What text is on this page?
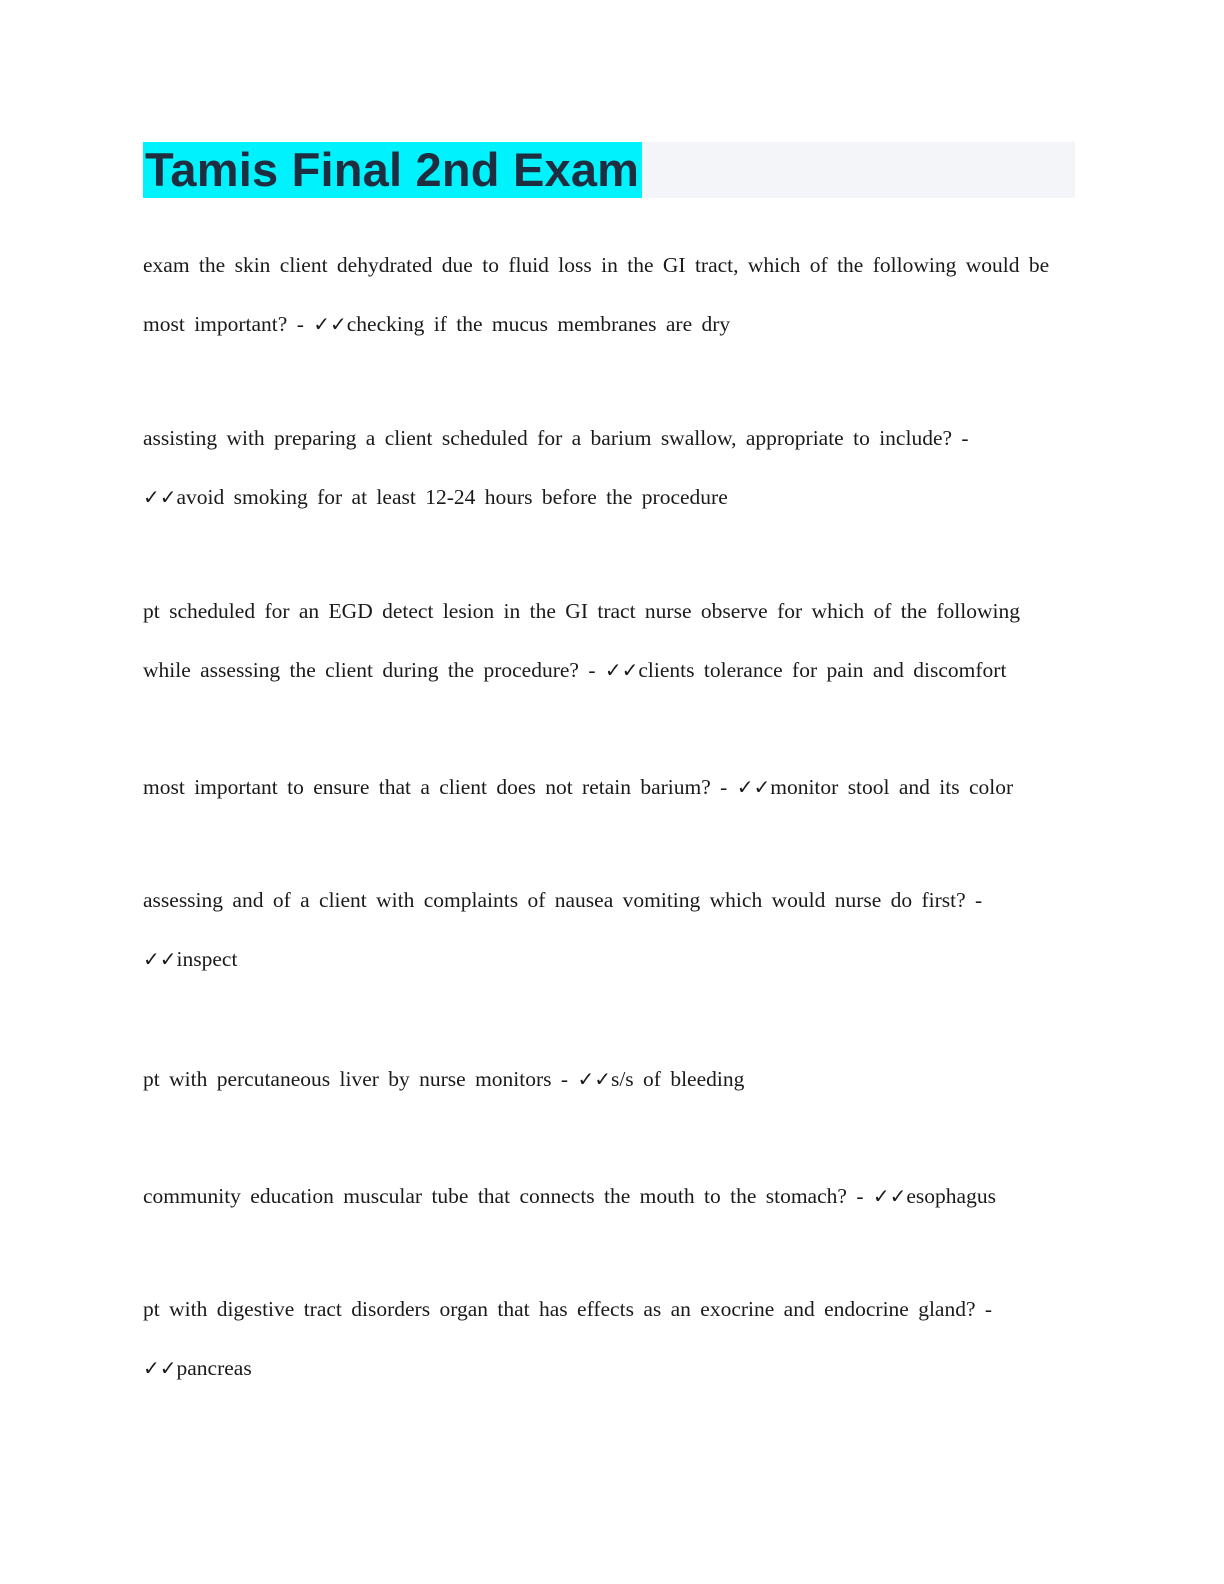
Tamis Final 2nd Exam
exam the skin client dehydrated due to fluid loss in the GI tract, which of the following would be
most important? - ✓✓checking if the mucus membranes are dry
assisting with preparing a client scheduled for a barium swallow, appropriate to include? -
✓✓avoid smoking for at least 12-24 hours before the procedure
pt scheduled for an EGD detect lesion in the GI tract nurse observe for which of the following
while assessing the client during the procedure? - ✓✓clients tolerance for pain and discomfort
most important to ensure that a client does not retain barium? - ✓✓monitor stool and its color
assessing and of a client with complaints of nausea vomiting which would nurse do first? -
✓✓inspect
pt with percutaneous liver by nurse monitors - ✓✓s/s of bleeding
community education muscular tube that connects the mouth to the stomach? - ✓✓esophagus
pt with digestive tract disorders organ that has effects as an exocrine and endocrine gland? -
✓✓pancreas
